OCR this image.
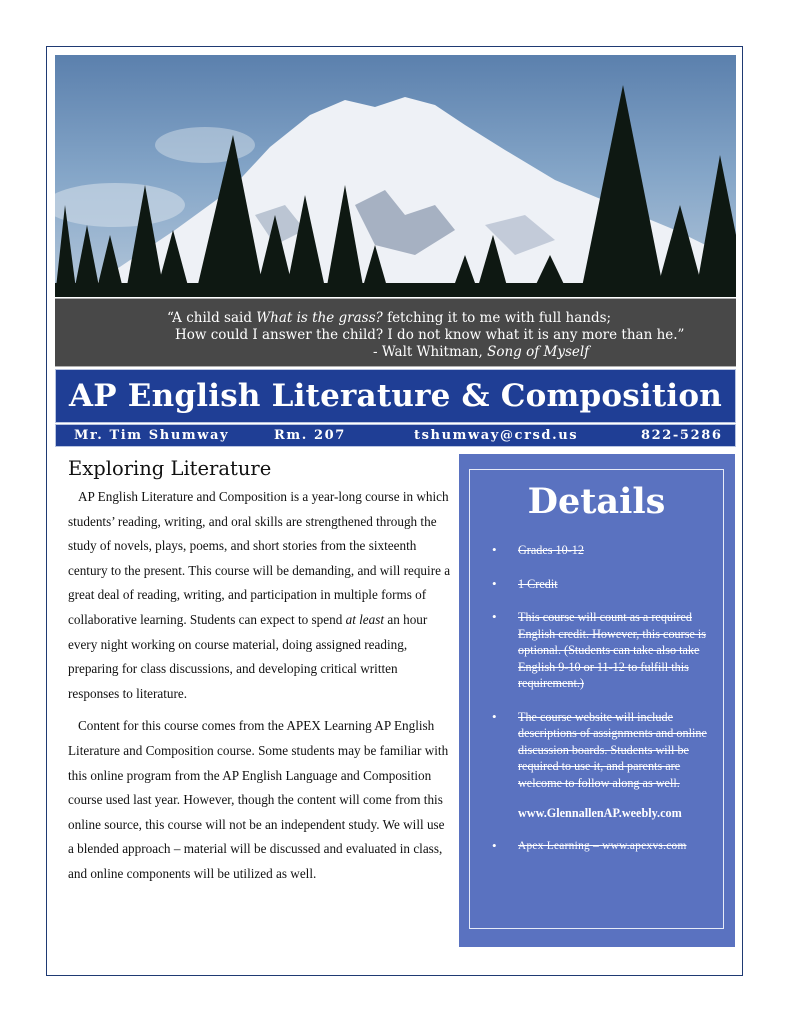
“A child said What is the grass? fetching it to me with full hands;
How could I answer the child? I do not know what it is any more than he.”
- Walt Whitman, Song of Myself
AP English Literature & Composition
Mr. Tim Shumway	Rm. 207	tshumway@crsd.us	822-5286
Exploring Literature

AP English Literature and Composition is a year-long course in which students’ reading, writing, and oral skills are strengthened through the study of novels, plays, poems, and short stories from the sixteenth century to the present. This course will be demanding, and will require a great deal of reading, writing, and participation in multiple forms of collaborative learning. Students can expect to spend at least an hour every night working on course material, doing assigned reading, preparing for class discussions, and developing critical written responses to literature.

Content for this course comes from the APEX Learning AP English Literature and Composition course. Some students may be familiar with this online program from the AP English Language and Composition course used last year. However, though the content will come from this online source, this course will not be an independent study. We will use a blended approach – material will be discussed and evaluated in class, and online components will be utilized as well.

Details
• Grades 10-12
• 1 Credit
• This course will count as a required English credit. However, this course is optional. (Students can take also take English 9-10 or 11-12 to fulfill this requirement.)
• The course website will include descriptions of assignments and online discussion boards. Students will be required to use it, and parents are welcome to follow along as well.
www.GlennallenAP.weebly.com
• Apex Learning – www.apexvs.com
